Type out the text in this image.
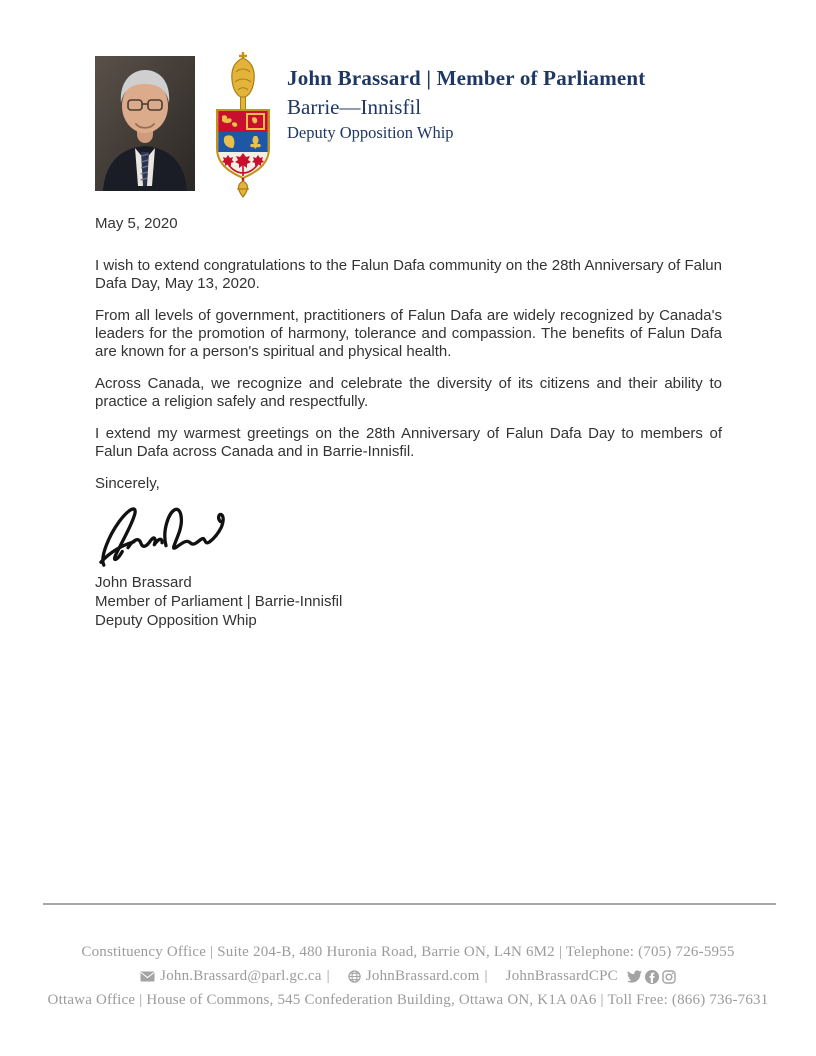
John Brassard | Member of Parliament
Barrie—Innisfil
Deputy Opposition Whip

May 5, 2020

I wish to extend congratulations to the Falun Dafa community on the 28th Anniversary of Falun Dafa Day, May 13, 2020.

From all levels of government, practitioners of Falun Dafa are widely recognized by Canada's leaders for the promotion of harmony, tolerance and compassion. The benefits of Falun Dafa are known for a person's spiritual and physical health.

Across Canada, we recognize and celebrate the diversity of its citizens and their ability to practice a religion safely and respectfully.

I extend my warmest greetings on the 28th Anniversary of Falun Dafa Day to members of Falun Dafa across Canada and in Barrie-Innisfil.

Sincerely,

John Brassard
Member of Parliament | Barrie-Innisfil
Deputy Opposition Whip
Constituency Office | Suite 204-B, 480 Huronia Road, Barrie ON, L4N 6M2 | Telephone: (705) 726-5955
John.Brassard@parl.gc.ca | JohnBrassard.com | JohnBrassardCPC
Ottawa Office | House of Commons, 545 Confederation Building, Ottawa ON, K1A 0A6 | Toll Free: (866) 736-7631
